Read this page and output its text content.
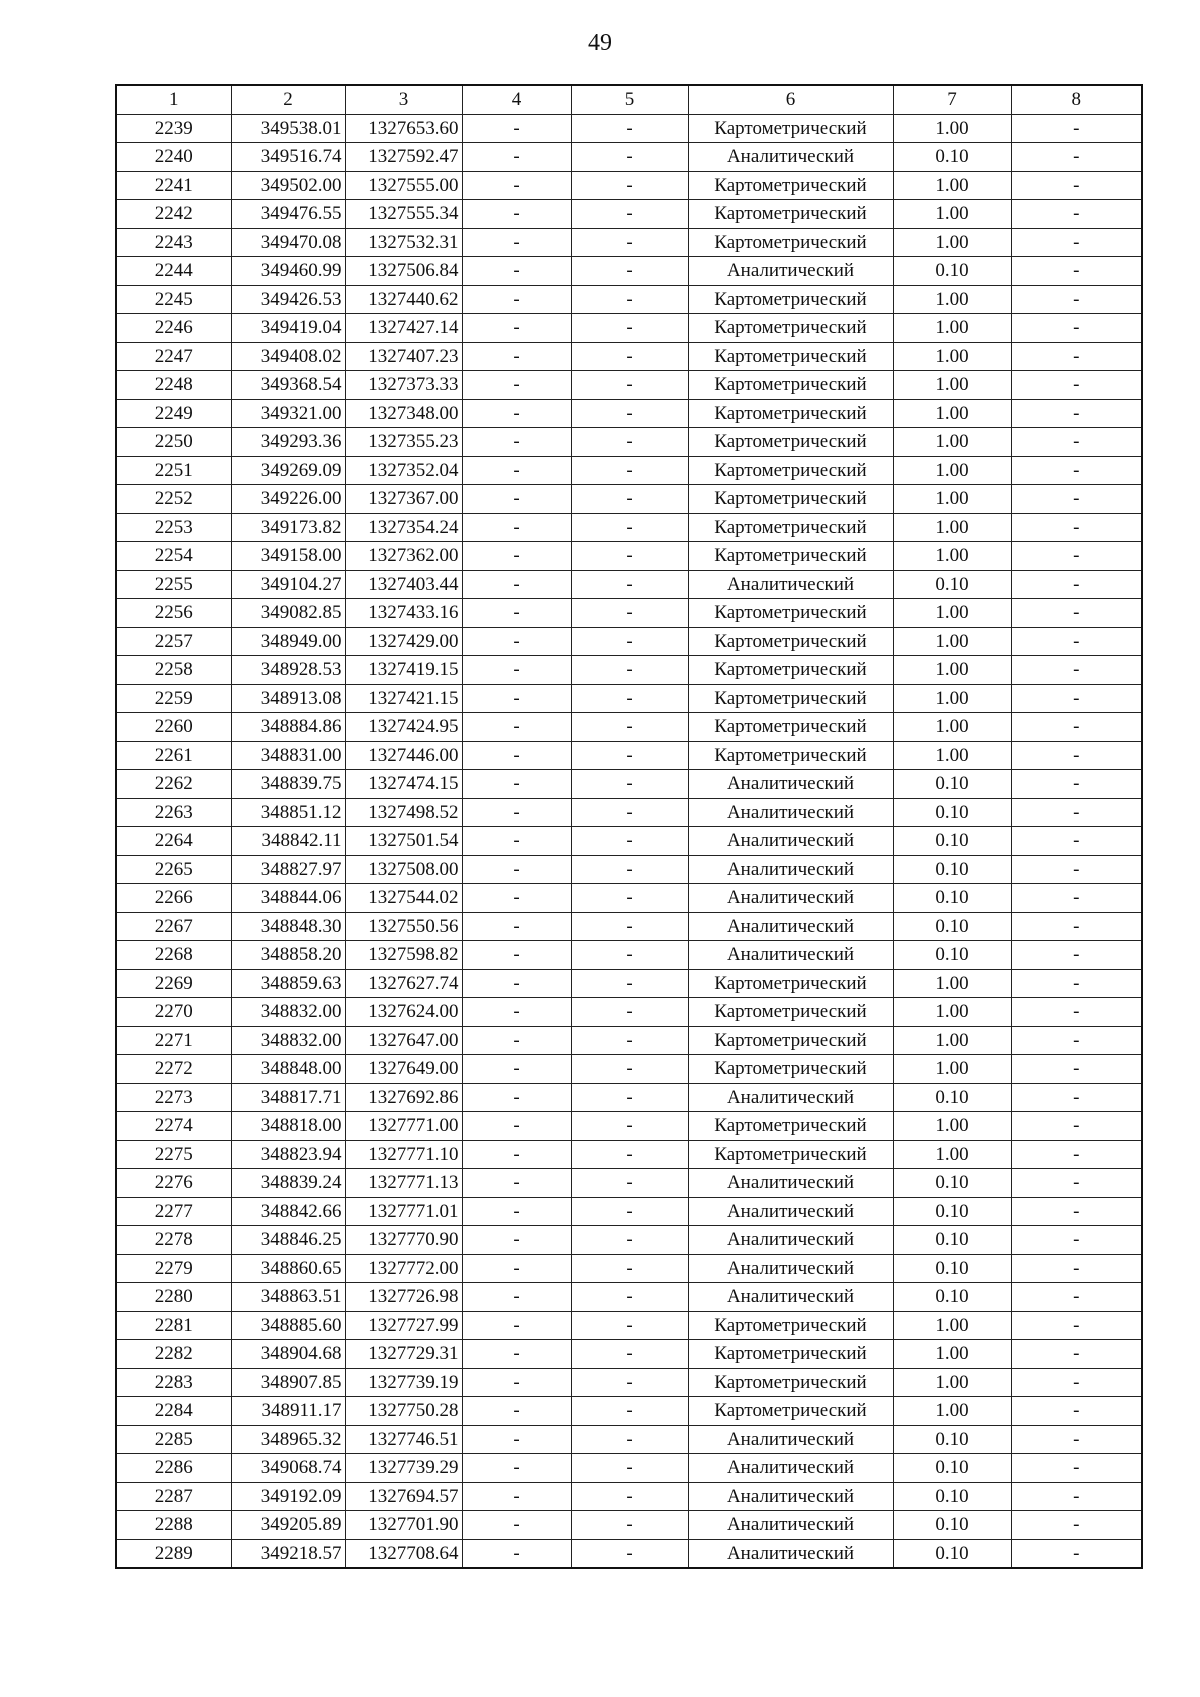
49
1	2	3	4	5	6	7	8
2239	349538.01	1327653.60	-	-	Картометрический	1.00	-
2240	349516.74	1327592.47	-	-	Аналитический	0.10	-
2241	349502.00	1327555.00	-	-	Картометрический	1.00	-
2242	349476.55	1327555.34	-	-	Картометрический	1.00	-
2243	349470.08	1327532.31	-	-	Картометрический	1.00	-
2244	349460.99	1327506.84	-	-	Аналитический	0.10	-
2245	349426.53	1327440.62	-	-	Картометрический	1.00	-
2246	349419.04	1327427.14	-	-	Картометрический	1.00	-
2247	349408.02	1327407.23	-	-	Картометрический	1.00	-
2248	349368.54	1327373.33	-	-	Картометрический	1.00	-
2249	349321.00	1327348.00	-	-	Картометрический	1.00	-
2250	349293.36	1327355.23	-	-	Картометрический	1.00	-
2251	349269.09	1327352.04	-	-	Картометрический	1.00	-
2252	349226.00	1327367.00	-	-	Картометрический	1.00	-
2253	349173.82	1327354.24	-	-	Картометрический	1.00	-
2254	349158.00	1327362.00	-	-	Картометрический	1.00	-
2255	349104.27	1327403.44	-	-	Аналитический	0.10	-
2256	349082.85	1327433.16	-	-	Картометрический	1.00	-
2257	348949.00	1327429.00	-	-	Картометрический	1.00	-
2258	348928.53	1327419.15	-	-	Картометрический	1.00	-
2259	348913.08	1327421.15	-	-	Картометрический	1.00	-
2260	348884.86	1327424.95	-	-	Картометрический	1.00	-
2261	348831.00	1327446.00	-	-	Картометрический	1.00	-
2262	348839.75	1327474.15	-	-	Аналитический	0.10	-
2263	348851.12	1327498.52	-	-	Аналитический	0.10	-
2264	348842.11	1327501.54	-	-	Аналитический	0.10	-
2265	348827.97	1327508.00	-	-	Аналитический	0.10	-
2266	348844.06	1327544.02	-	-	Аналитический	0.10	-
2267	348848.30	1327550.56	-	-	Аналитический	0.10	-
2268	348858.20	1327598.82	-	-	Аналитический	0.10	-
2269	348859.63	1327627.74	-	-	Картометрический	1.00	-
2270	348832.00	1327624.00	-	-	Картометрический	1.00	-
2271	348832.00	1327647.00	-	-	Картометрический	1.00	-
2272	348848.00	1327649.00	-	-	Картометрический	1.00	-
2273	348817.71	1327692.86	-	-	Аналитический	0.10	-
2274	348818.00	1327771.00	-	-	Картометрический	1.00	-
2275	348823.94	1327771.10	-	-	Картометрический	1.00	-
2276	348839.24	1327771.13	-	-	Аналитический	0.10	-
2277	348842.66	1327771.01	-	-	Аналитический	0.10	-
2278	348846.25	1327770.90	-	-	Аналитический	0.10	-
2279	348860.65	1327772.00	-	-	Аналитический	0.10	-
2280	348863.51	1327726.98	-	-	Аналитический	0.10	-
2281	348885.60	1327727.99	-	-	Картометрический	1.00	-
2282	348904.68	1327729.31	-	-	Картометрический	1.00	-
2283	348907.85	1327739.19	-	-	Картометрический	1.00	-
2284	348911.17	1327750.28	-	-	Картометрический	1.00	-
2285	348965.32	1327746.51	-	-	Аналитический	0.10	-
2286	349068.74	1327739.29	-	-	Аналитический	0.10	-
2287	349192.09	1327694.57	-	-	Аналитический	0.10	-
2288	349205.89	1327701.90	-	-	Аналитический	0.10	-
2289	349218.57	1327708.64	-	-	Аналитический	0.10	-
